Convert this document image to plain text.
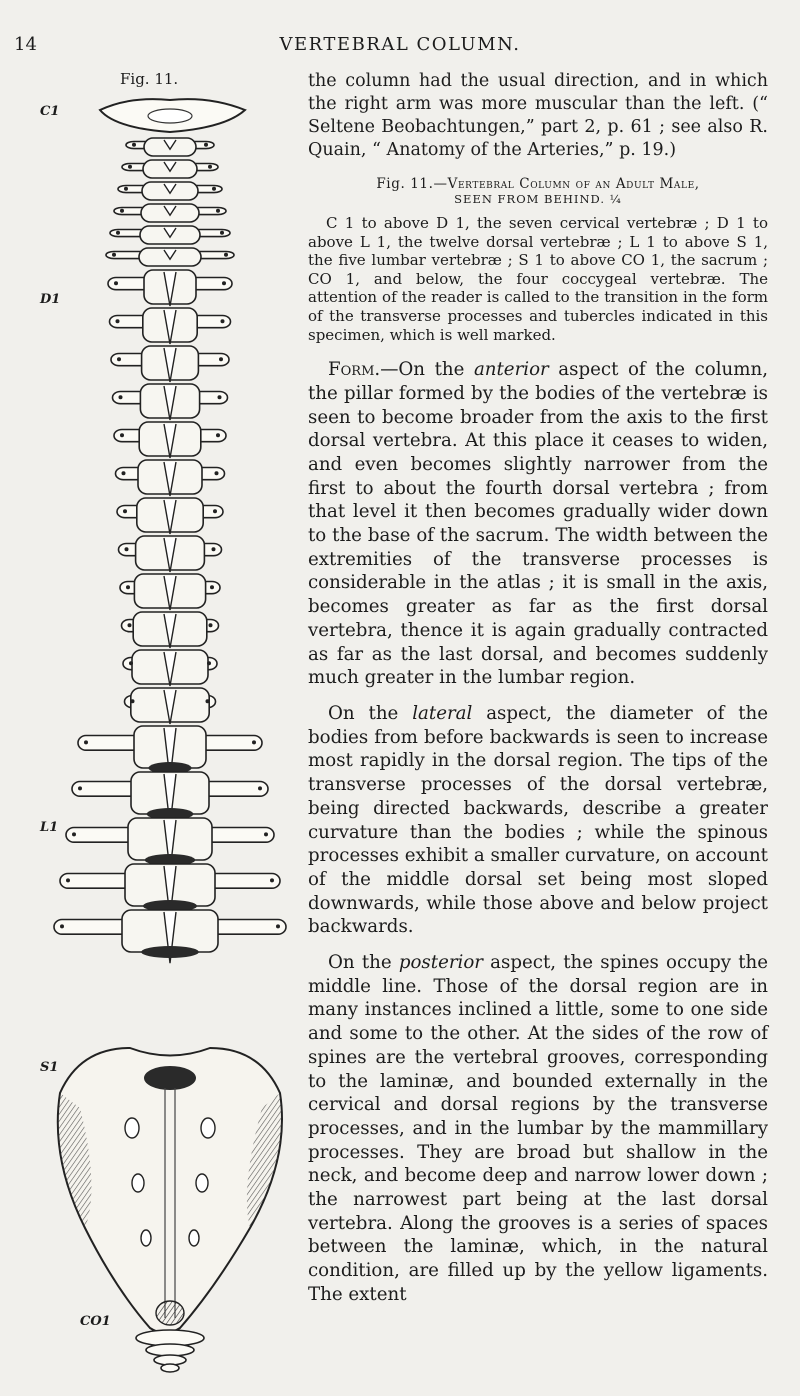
VERTEBRAL COLUMN.
14
Fig. 11.
C1
D1
L1
S1
CO1

the column had the usual direction, and in which the right arm was more muscular than the left. (“ Seltene Beobachtungen,” part 2, p. 61 ; see also R. Quain, “ Anatomy of the Arteries,” p. 19.)

Fig. 11.—Vertebral Column of an Adult Male,
SEEN FROM BEHIND. ¼

C 1 to above D 1, the seven cervical vertebræ ; D 1 to above L 1, the twelve dorsal vertebræ ; L 1 to above S 1, the five lumbar vertebræ ; S 1 to above CO 1, the sacrum ; CO 1, and below, the four coccygeal vertebræ. The attention of the reader is called to the transition in the form of the transverse processes and tubercles indicated in this specimen, which is well marked.

Form.—On the anterior aspect of the column, the pillar formed by the bodies of the vertebræ is seen to become broader from the axis to the first dorsal vertebra. At this place it ceases to widen, and even becomes slightly narrower from the first to about the fourth dorsal vertebra ; from that level it then becomes gradually wider down to the base of the sacrum. The width between the extremities of the transverse processes is considerable in the atlas ; it is small in the axis, becomes greater as far as the first dorsal vertebra, thence it is again gradually contracted as far as the last dorsal, and becomes suddenly much greater in the lumbar region.

On the lateral aspect, the diameter of the bodies from before backwards is seen to increase most rapidly in the dorsal region. The tips of the transverse processes of the dorsal vertebræ, being directed backwards, describe a greater curvature than the bodies ; while the spinous processes exhibit a smaller curvature, on account of the middle dorsal set being most sloped downwards, while those above and below project backwards.

On the posterior aspect, the spines occupy the middle line. Those of the dorsal region are in many instances inclined a little, some to one side and some to the other. At the sides of the row of spines are the vertebral grooves, corresponding to the laminæ, and bounded externally in the cervical and dorsal regions by the transverse processes, and in the lumbar by the mammillary processes. They are broad but shallow in the neck, and become deep and narrow lower down ; the narrowest part being at the last dorsal vertebra. Along the grooves is a series of spaces between the laminæ, which, in the natural condition, are filled up by the yellow ligaments. The extent
